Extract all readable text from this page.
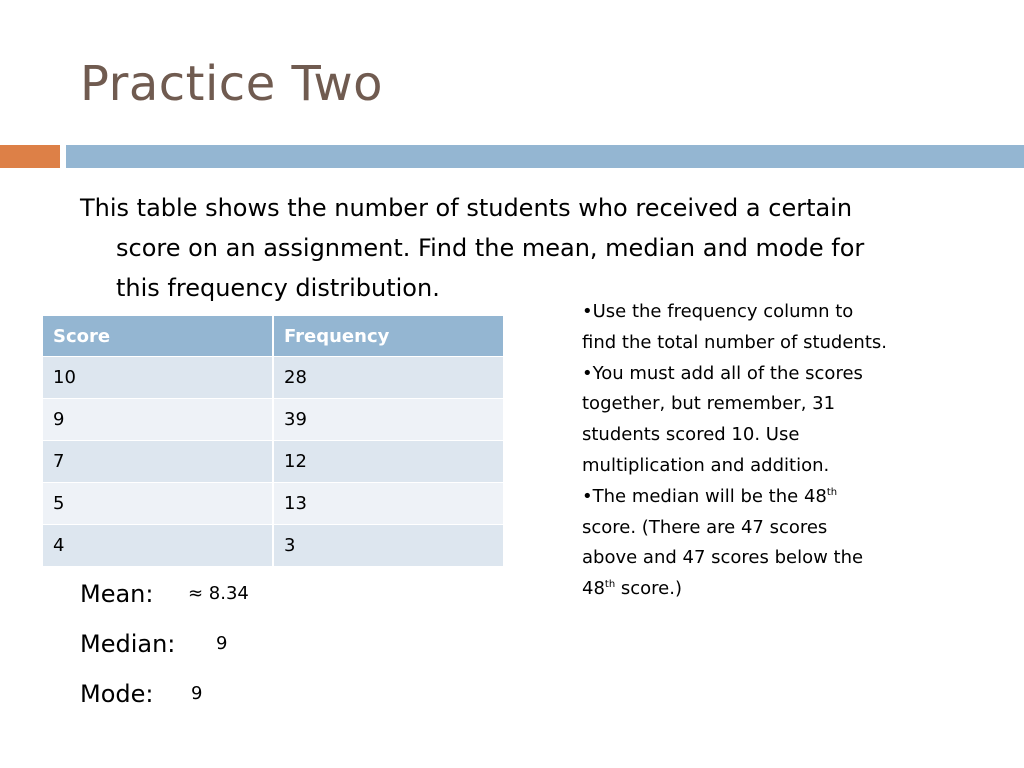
Practice Two
This table shows the number of students who received a certain
score on an assignment. Find the mean, median and mode for
this frequency distribution.
Score	Frequency
10	28
9	39
7	12
5	13
4	3
•Use the frequency column to
find the total number of students.
•You must add all of the scores
together, but remember, 31
students scored 10. Use
multiplication and addition.
•The median will be the 48th
score. (There are 47 scores
above and 47 scores below the
48th score.)
Mean: ≈ 8.34
Median: 9
Mode: 9
